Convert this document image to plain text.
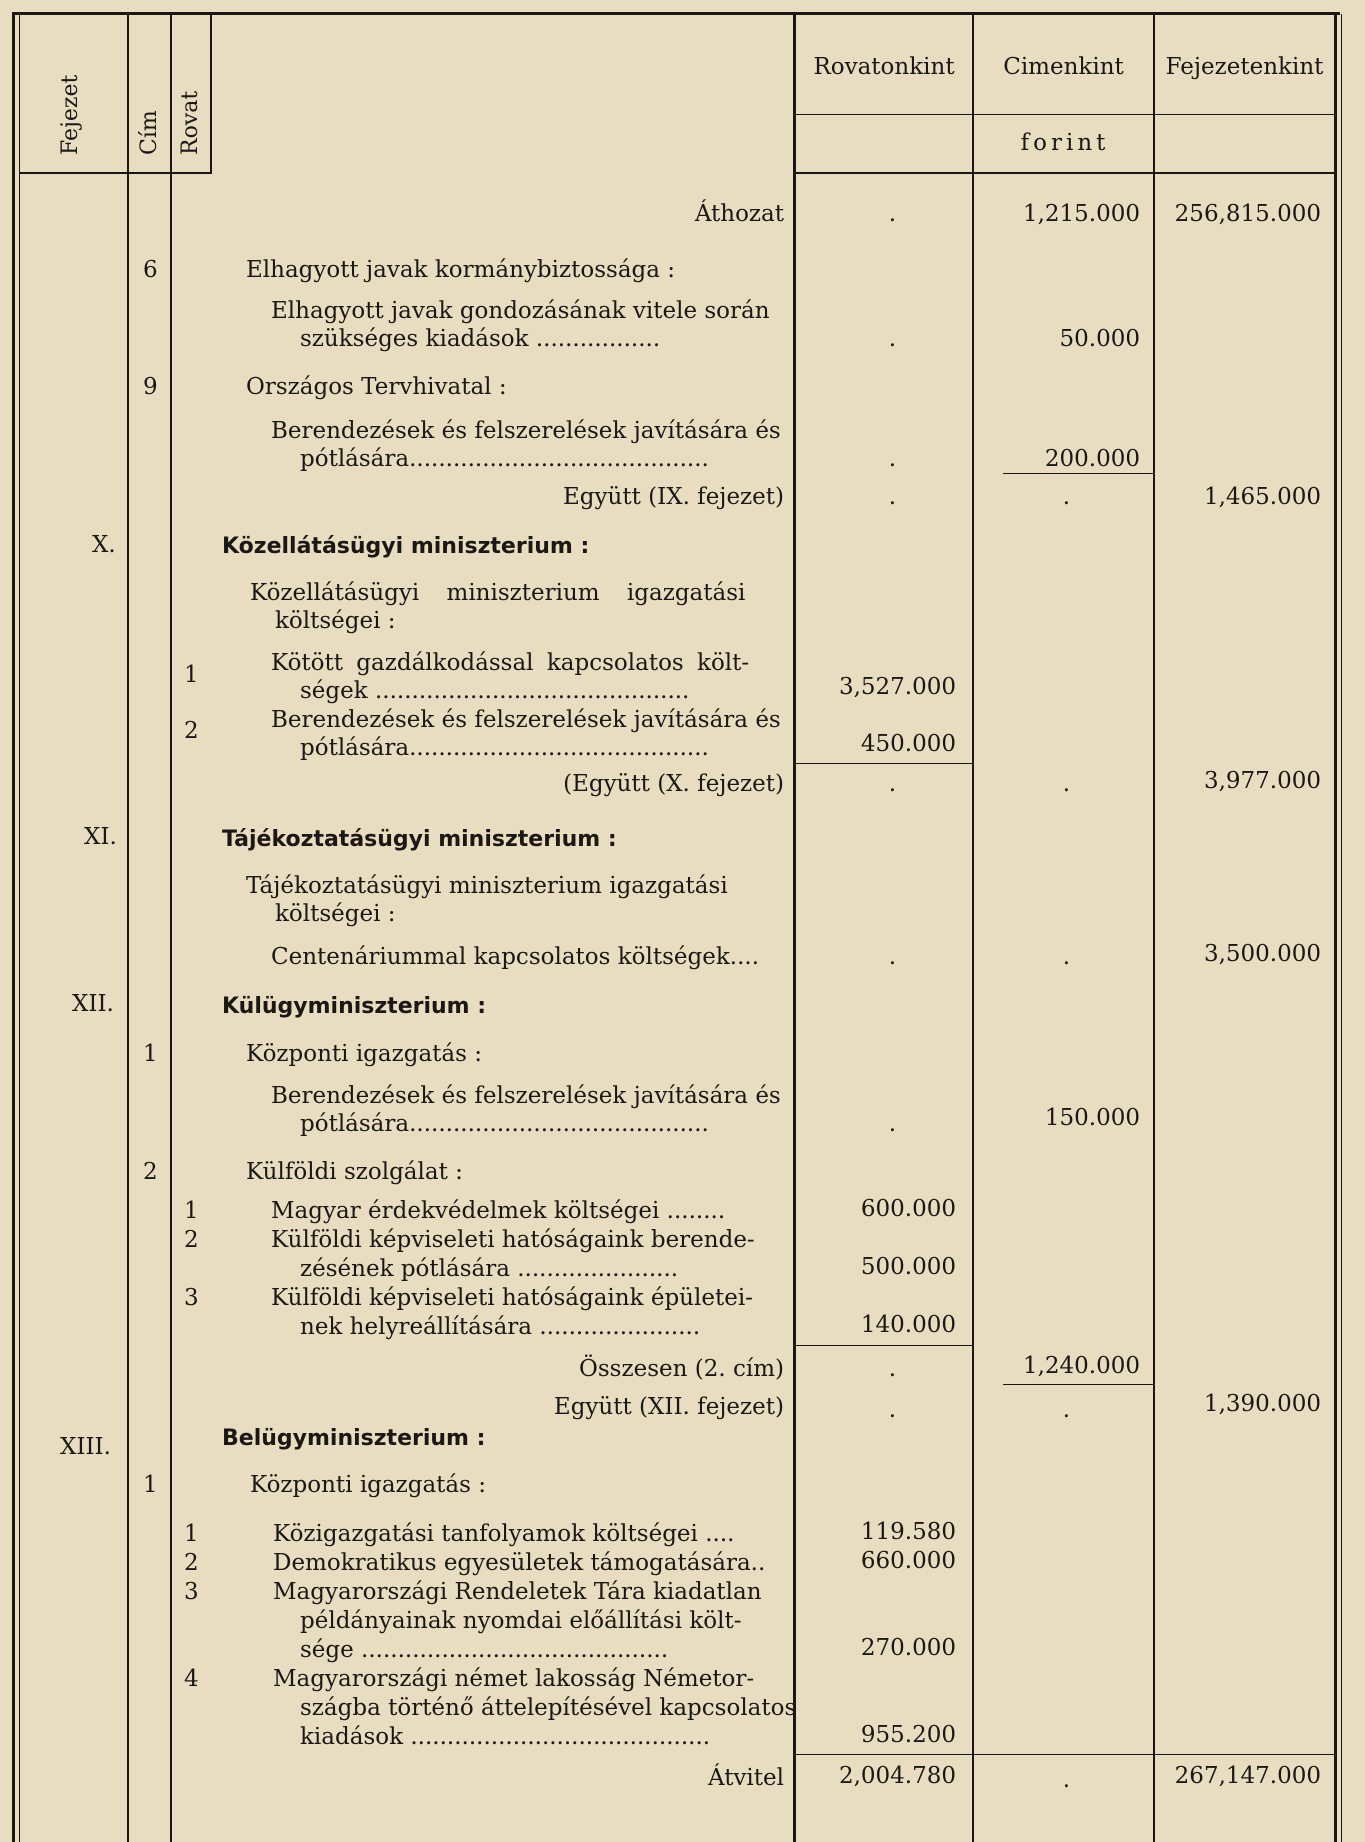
Fejezet Cím Rovat
Rovatonkint	Cimenkint	Fejezetenkint
forint
Áthozat	.	1,215.000	256,815.000
6	Elhagyott javak kormánybiztossága :
Elhagyott javak gondozásának vitele során
szükséges kiadások .................	.	50.000
9	Országos Tervhivatal :
Berendezések és felszerelések javítására és
pótlására.........................................	.	200.000
Együtt (IX. fejezet)	.	.	1,465.000
X.	Közellátásügyi miniszterium :
Közellátásügyi miniszterium igazgatási
költségei :
1	Kötött gazdálkodással kapcsolatos költ-
ségek ...........................................	3,527.000
2	Berendezések és felszerelések javítására és
pótlására.........................................	450.000
(Együtt (X. fejezet)	.	.	3,977.000
XI.	Tájékoztatásügyi miniszterium :
Tájékoztatásügyi miniszterium igazgatási
költségei :
Centenáriummal kapcsolatos költségek....	.	.	3,500.000
XII.	Külügyminiszterium :
1	Központi igazgatás :
Berendezések és felszerelések javítására és
pótlására.........................................	.	150.000
2	Külföldi szolgálat :
1	Magyar érdekvédelmek költségei ........	600.000
2	Külföldi képviseleti hatóságaink berende-
zésének pótlására ......................	500.000
3	Külföldi képviseleti hatóságaink épületei-
nek helyreállítására ......................	140.000
Összesen (2. cím)	.	1,240.000
Együtt (XII. fejezet)	.	.	1,390.000
XIII.	Belügyminiszterium :
1	Központi igazgatás :
1	Közigazgatási tanfolyamok költségei ....	119.580
2	Demokratikus egyesületek támogatására..	660.000
3	Magyarországi Rendeletek Tára kiadatlan
példányainak nyomdai előállítási költ-
sége ..........................................	270.000
4	Magyarországi német lakosság Németor-
szágba történő áttelepítésével kapcsolatos
kiadások .........................................	955.200
Átvitel	2,004.780	.	267,147.000
